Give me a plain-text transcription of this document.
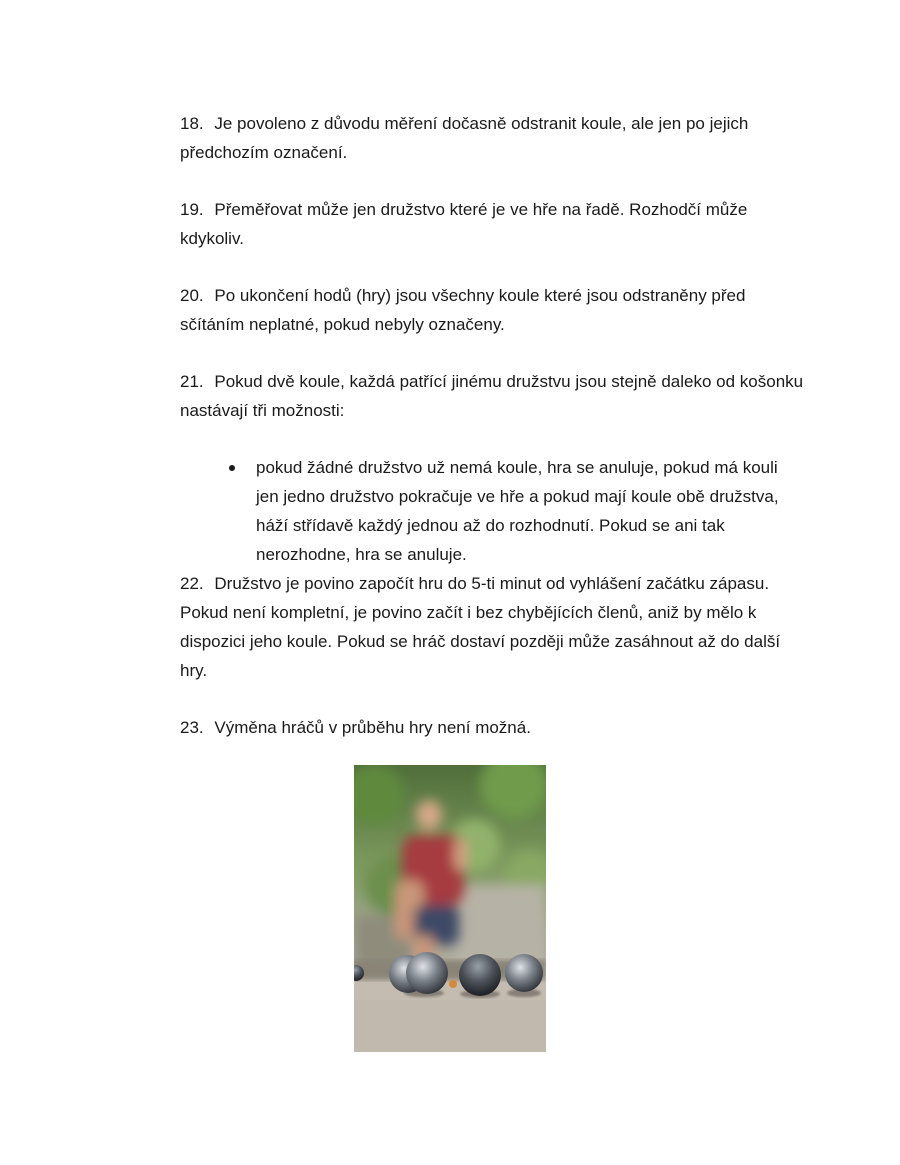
18. Je povoleno z důvodu měření dočasně odstranit koule, ale jen po jejich předchozím označení.

19. Přeměřovat může jen družstvo které je ve hře na řadě. Rozhodčí může kdykoliv.

20. Po ukončení hodů (hry) jsou všechny koule které jsou odstraněny před sčítáním neplatné, pokud nebyly označeny.

21. Pokud dvě koule, každá patřící jinému družstvu jsou stejně daleko od košonku nastávají tři možnosti:

pokud žádné družstvo už nemá koule, hra se anuluje, pokud má kouli jen jedno družstvo pokračuje ve hře a pokud mají koule obě družstva, háží střídavě každý jednou až do rozhodnutí. Pokud se ani tak nerozhodne, hra se anuluje.

22. Družstvo je povino započít hru do 5-ti minut od vyhlášení začátku zápasu. Pokud není kompletní, je povino začít i bez chybějících členů, aniž by mělo k dispozici jeho koule. Pokud se hráč dostaví později může zasáhnout až do další hry.

23. Výměna hráčů v průběhu hry není možná.
